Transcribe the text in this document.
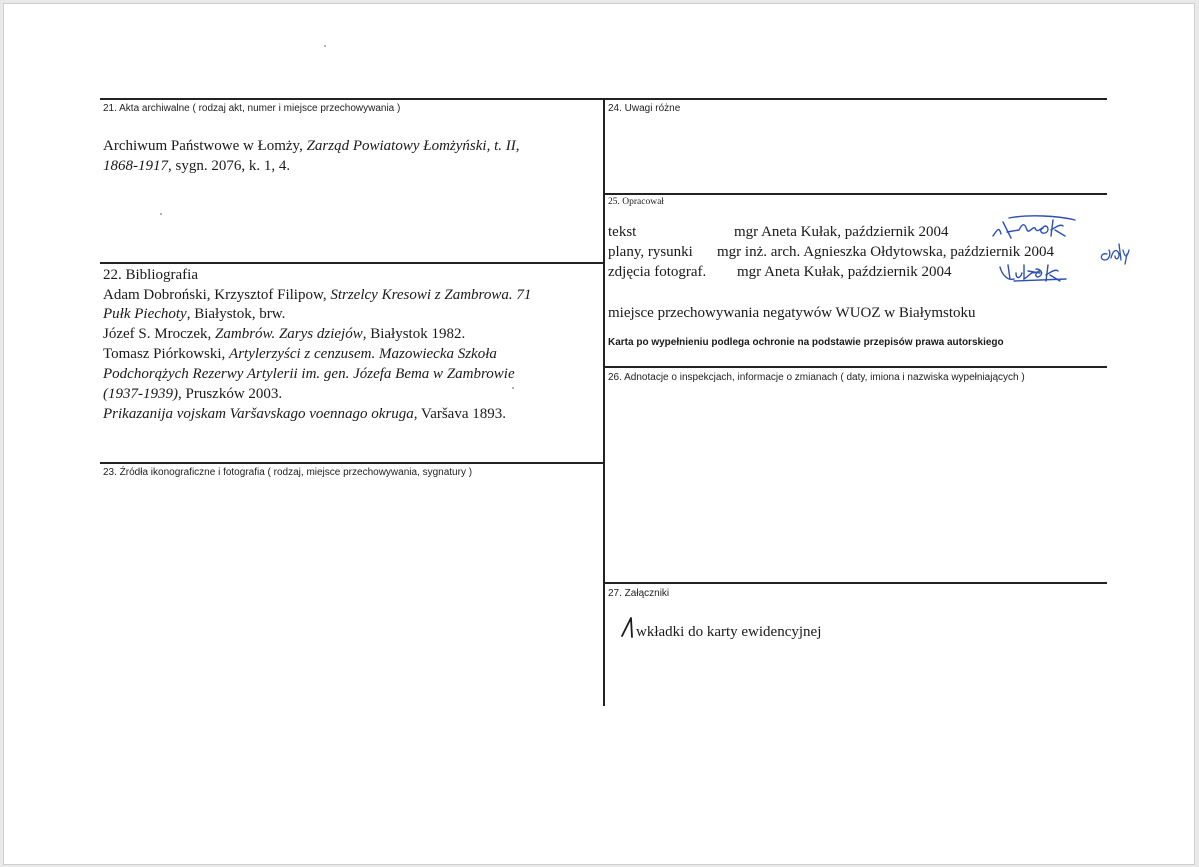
21. Akta archiwalne ( rodzaj akt, numer i miejsce przechowywania )
Archiwum Państwowe w Łomży, Zarząd Powiatowy Łomżyński, t. II,
1868-1917, sygn. 2076, k. 1, 4.
22. Bibliografia
Adam Dobroński, Krzysztof Filipow, Strzelcy Kresowi z Zambrowa. 71
Pułk Piechoty, Białystok, brw.
Józef S. Mroczek, Zambrów. Zarys dziejów, Białystok 1982.
Tomasz Piórkowski, Artylerzyści z cenzusem. Mazowiecka Szkoła
Podchorążych Rezerwy Artylerii im. gen. Józefa Bema w Zambrowie
(1937-1939), Pruszków 2003.
Prikazanija vojskam Varšavskago voennago okruga, Varšava 1893.
23. Źródła ikonograficzne i fotografia ( rodzaj, miejsce przechowywania, sygnatury )
24. Uwagi różne
25. Opracował
tekst	mgr Aneta Kułak, październik 2004
plany, rysunki mgr inż. arch. Agnieszka Ołdytowska, październik 2004
zdjęcia fotograf. mgr Aneta Kułak, październik 2004
miejsce przechowywania negatywów WUOZ w Białymstoku
Karta po wypełnieniu podlega ochronie na podstawie przepisów prawa autorskiego
26. Adnotacje o inspekcjach, informacje o zmianach ( daty, imiona i nazwiska wypełniających )
27. Załączniki
wkładki do karty ewidencyjnej
